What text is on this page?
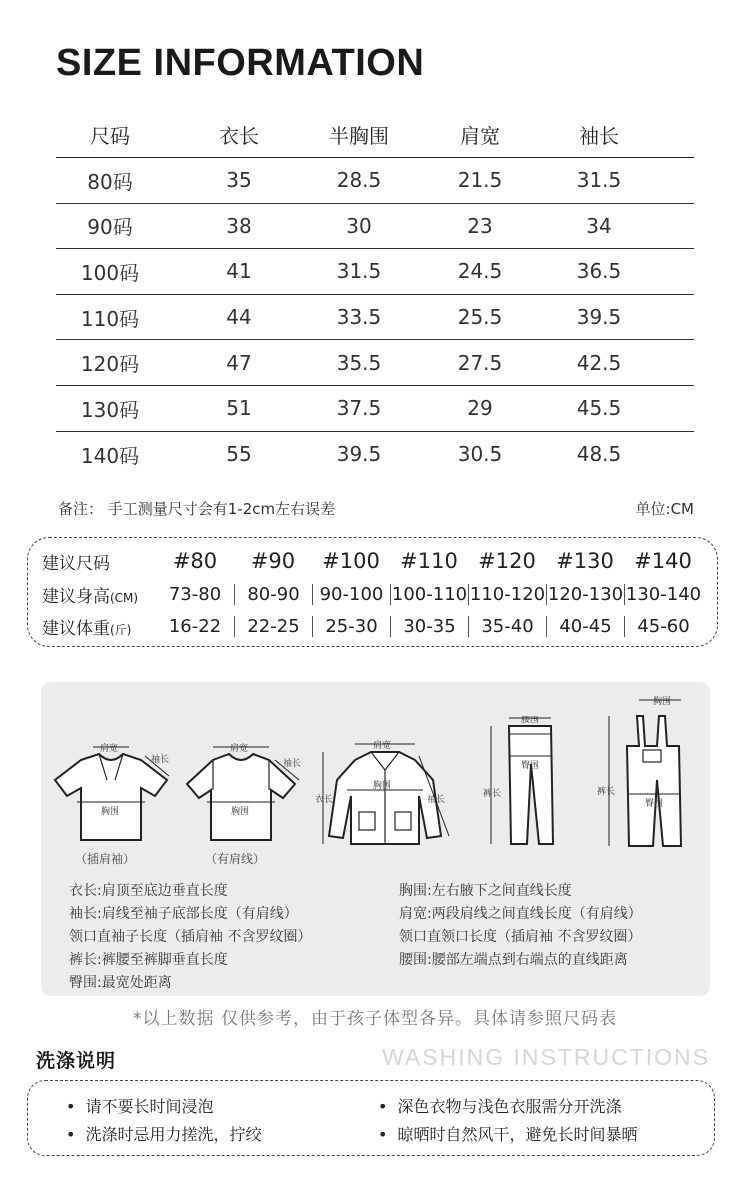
SIZE INFORMATION
尺码	衣长	半胸围	肩宽	袖长
80码	35	28.5	21.5	31.5
90码	38	30	23	34
100码	41	31.5	24.5	36.5
110码	44	33.5	25.5	39.5
120码	47	35.5	27.5	42.5
130码	51	37.5	29	45.5
140码	55	39.5	30.5	48.5
备注： 手工测量尺寸会有1-2cm左右误差	单位:CM
建议尺码	#80	#90	#100 #110 #120 #130 #140
建议身高(CM)	73-80	80-90	90-100 100-110 110-120 120-130 130-140
建议体重(斤)	16-22	22-25	25-30	30-35	35-40	40-45	45-60
肩宽
胸围
袖长
（插肩袖）
肩宽
胸围
袖长
（有肩线）
肩宽
胸围
衣长	袖长
腰围
臀围
裤长
胸围
臀围
裤长
衣长:肩顶至底边垂直长度
袖长:肩线至袖子底部长度（有肩线）
领口直袖子长度（插肩袖 不含罗纹圈）
裤长:裤腰至裤脚垂直长度
臀围:最宽处距离
胸围:左右腋下之间直线长度
肩宽:两段肩线之间直线长度（有肩线）
领口直领口长度（插肩袖 不含罗纹圈）
腰围:腰部左端点到右端点的直线距离
*以上数据 仅供参考，由于孩子体型各异。具体请参照尺码表
洗涤说明	WASHING INSTRUCTIONS
• 请不要长时间浸泡	• 深色衣物与浅色衣服需分开洗涤
• 洗涤时忌用力搓洗，拧绞	• 晾晒时自然风干，避免长时间暴晒
